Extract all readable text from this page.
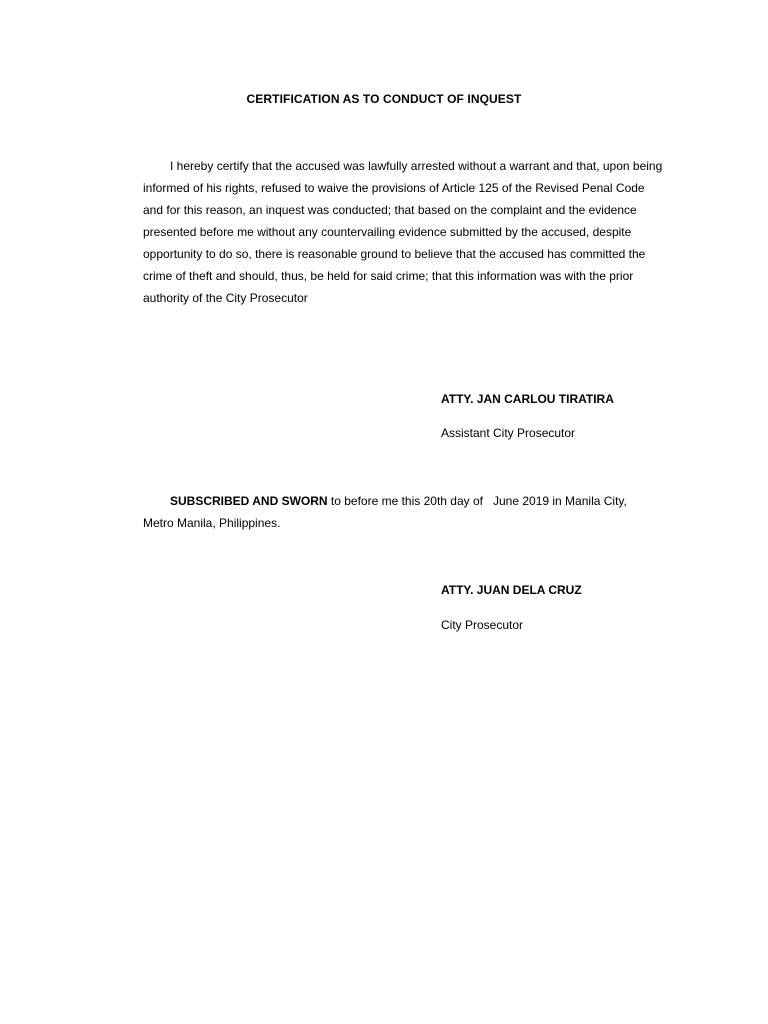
CERTIFICATION AS TO CONDUCT OF INQUEST

I hereby certify that the accused was lawfully arrested without a warrant and that, upon being informed of his rights, refused to waive the provisions of Article 125 of the Revised Penal Code and for this reason, an inquest was conducted; that based on the complaint and the evidence presented before me without any countervailing evidence submitted by the accused, despite opportunity to do so, there is reasonable ground to believe that the accused has committed the crime of theft and should, thus, be held for said crime; that this information was with the prior authority of the City Prosecutor

ATTY. JAN CARLOU TIRATIRA
Assistant City Prosecutor

SUBSCRIBED AND SWORN to before me this 20th day of June 2019 in Manila City, Metro Manila, Philippines.

ATTY. JUAN DELA CRUZ
City Prosecutor
